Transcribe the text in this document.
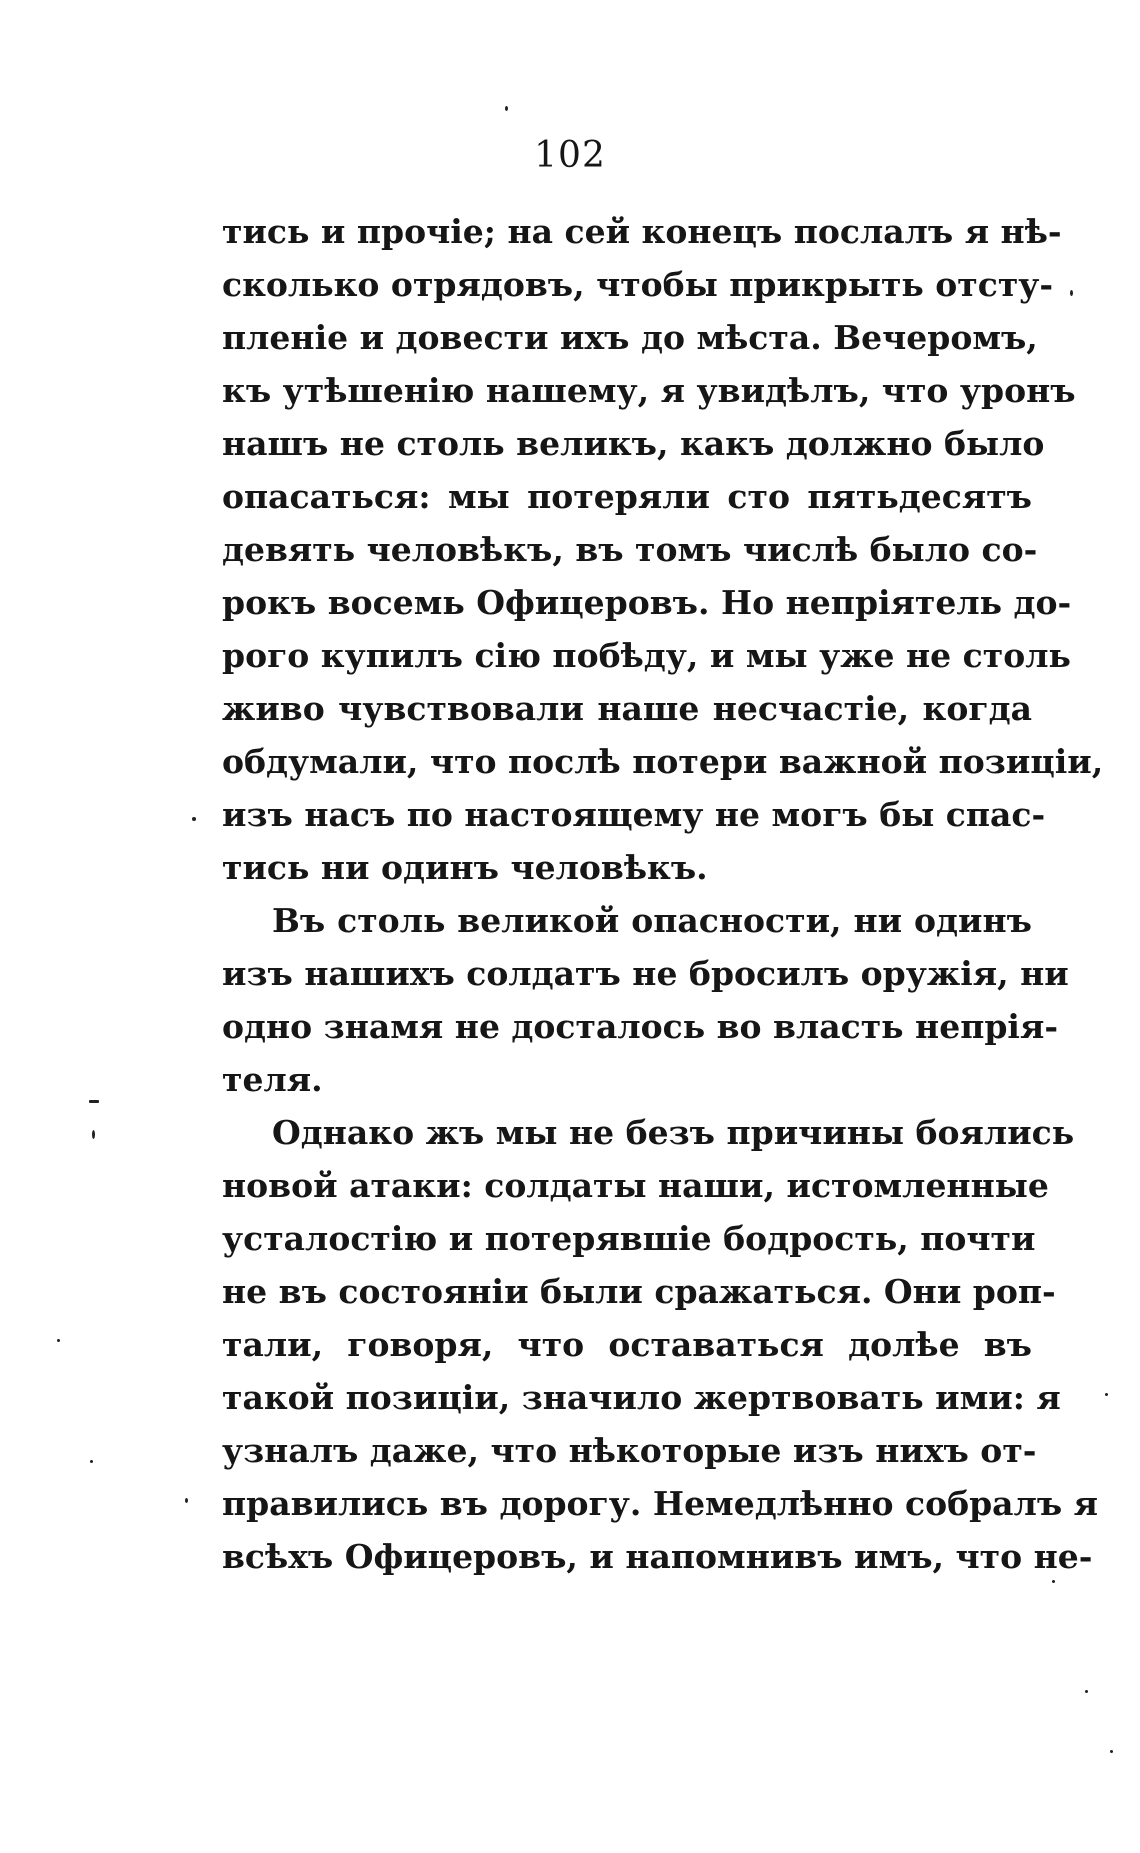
102
тись и прочіе; на сей конецъ послалъ я нѣ-
сколько отрядовъ, чтобы прикрыть отсту-
пленіе и довести ихъ до мѣста. Вечеромъ,
къ утѣшенію нашему, я увидѣлъ, что уронъ
нашъ не столь великъ, какъ должно было
опасаться: мы потеряли сто пятьдесятъ
девять человѣкъ, въ томъ числѣ было со-
рокъ восемь Офицеровъ. Но непріятель до-
рого купилъ сію побѣду, и мы уже не столь
живо чувствовали наше несчастіе, когда
обдумали, что послѣ потери важной позиціи,
изъ насъ по настоящему не могъ бы спас-
тись ни одинъ человѣкъ.
Въ столь великой опасности, ни одинъ
изъ нашихъ солдатъ не бросилъ оружія, ни
одно знамя не досталось во власть непрія-
теля.
Однако жъ мы не безъ причины боялись
новой атаки: солдаты наши, истомленные
усталостію и потерявшіе бодрость, почти
не въ состояніи были сражаться. Они роп-
тали, говоря, что оставаться долѣе въ
такой позиціи, значило жертвовать ими: я
узналъ даже, что нѣкоторые изъ нихъ от-
правились въ дорогу. Немедлѣнно собралъ я
всѣхъ Офицеровъ, и напомнивъ имъ, что не-
